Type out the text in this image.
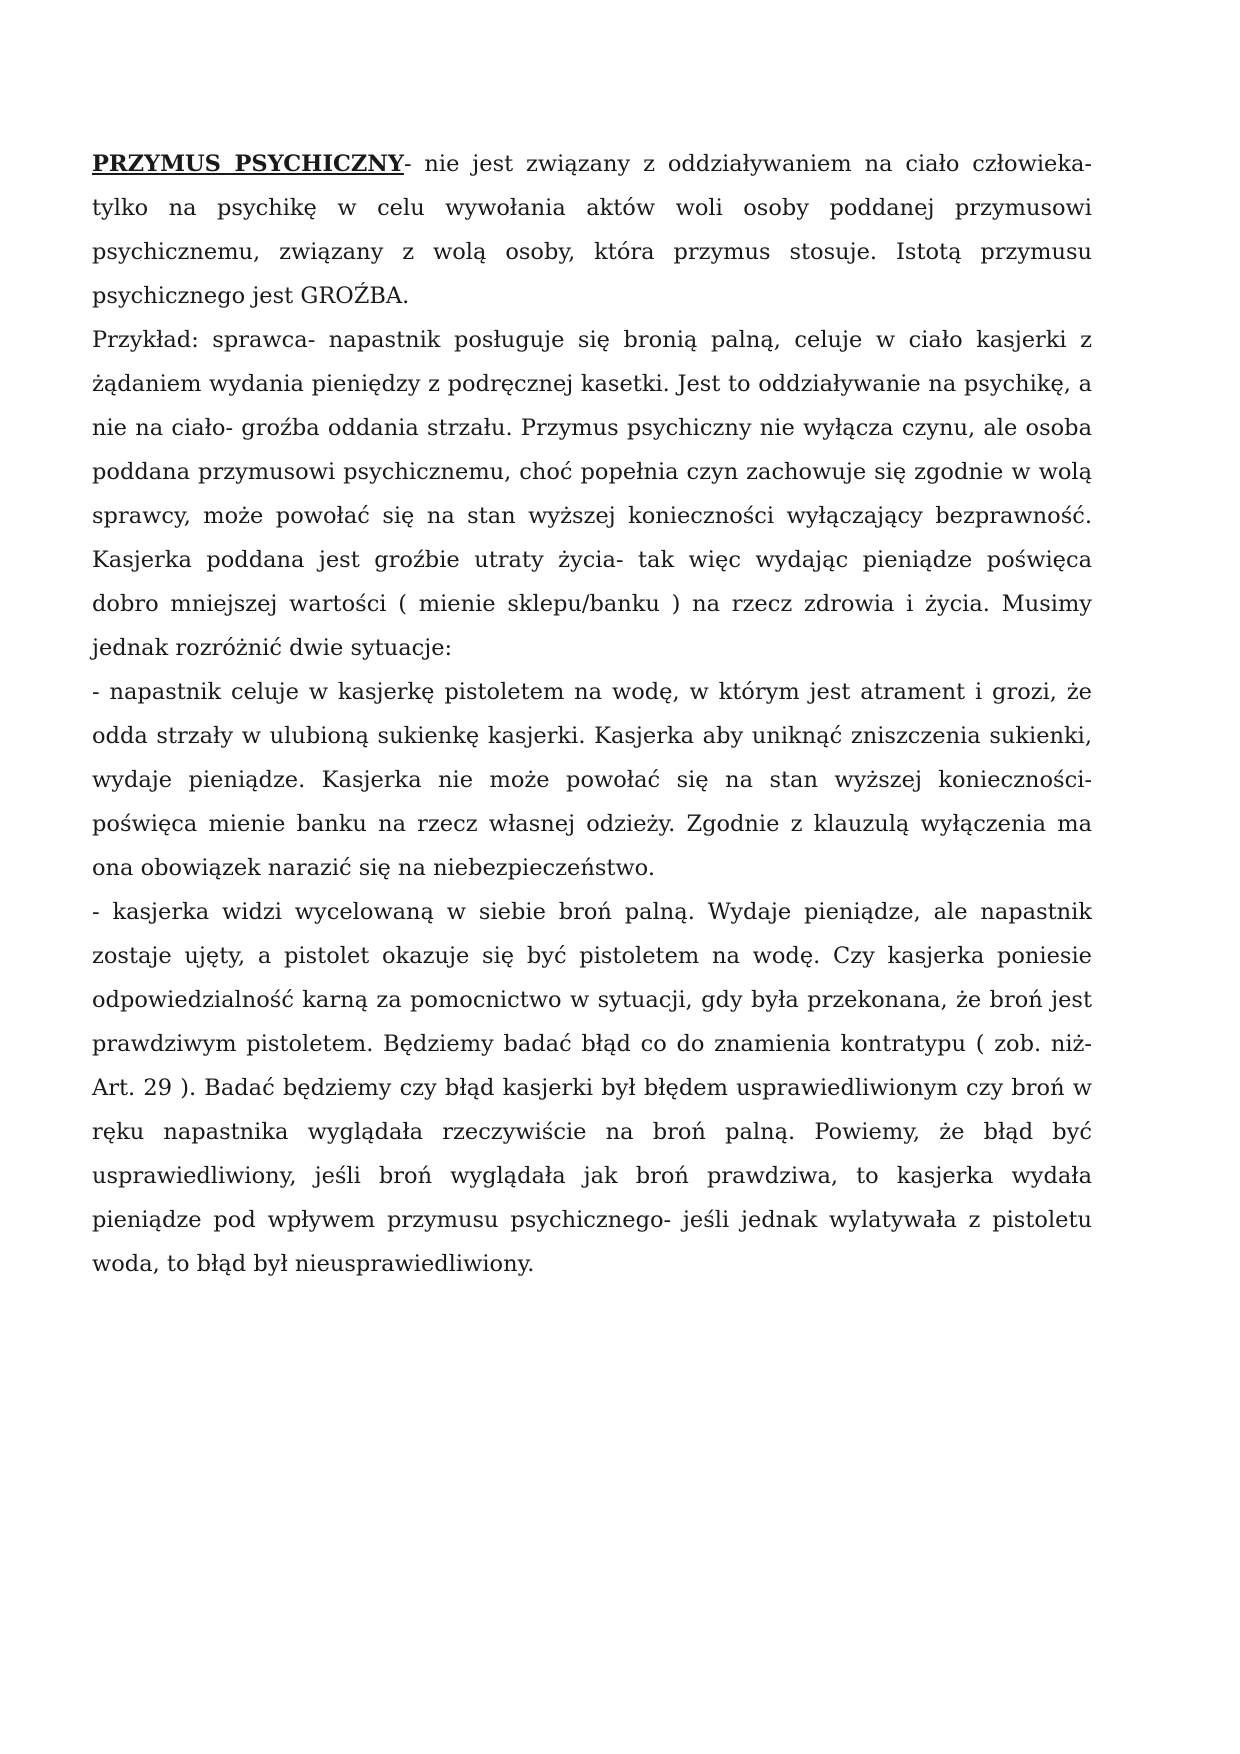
PRZYMUS PSYCHICZNY- nie jest związany z oddziaływaniem na ciało człowieka- tylko na psychikę w celu wywołania aktów woli osoby poddanej przymusowi psychicznemu, związany z wolą osoby, która przymus stosuje. Istotą przymusu psychicznego jest GROŹBA.

Przykład: sprawca- napastnik posługuje się bronią palną, celuje w ciało kasjerki z żądaniem wydania pieniędzy z podręcznej kasetki. Jest to oddziaływanie na psychikę, a nie na ciało- groźba oddania strzału. Przymus psychiczny nie wyłącza czynu, ale osoba poddana przymusowi psychicznemu, choć popełnia czyn zachowuje się zgodnie w wolą sprawcy, może powołać się na stan wyższej konieczności wyłączający bezprawność. Kasjerka poddana jest groźbie utraty życia- tak więc wydając pieniądze poświęca dobro mniejszej wartości ( mienie sklepu/banku ) na rzecz zdrowia i życia. Musimy jednak rozróżnić dwie sytuacje:

- napastnik celuje w kasjerkę pistoletem na wodę, w którym jest atrament i grozi, że odda strzały w ulubioną sukienkę kasjerki. Kasjerka aby uniknąć zniszczenia sukienki, wydaje pieniądze. Kasjerka nie może powołać się na stan wyższej konieczności- poświęca mienie banku na rzecz własnej odzieży. Zgodnie z klauzulą wyłączenia ma ona obowiązek narazić się na niebezpieczeństwo.

- kasjerka widzi wycelowaną w siebie broń palną. Wydaje pieniądze, ale napastnik zostaje ujęty, a pistolet okazuje się być pistoletem na wodę. Czy kasjerka poniesie odpowiedzialność karną za pomocnictwo w sytuacji, gdy była przekonana, że broń jest prawdziwym pistoletem. Będziemy badać błąd co do znamienia kontratypu ( zob. niż- Art. 29 ). Badać będziemy czy błąd kasjerki był błędem usprawiedliwionym czy broń w ręku napastnika wyglądała rzeczywiście na broń palną. Powiemy, że błąd być usprawiedliwiony, jeśli broń wyglądała jak broń prawdziwa, to kasjerka wydała pieniądze pod wpływem przymusu psychicznego- jeśli jednak wylatywała z pistoletu woda, to błąd był nieusprawiedliwiony.
